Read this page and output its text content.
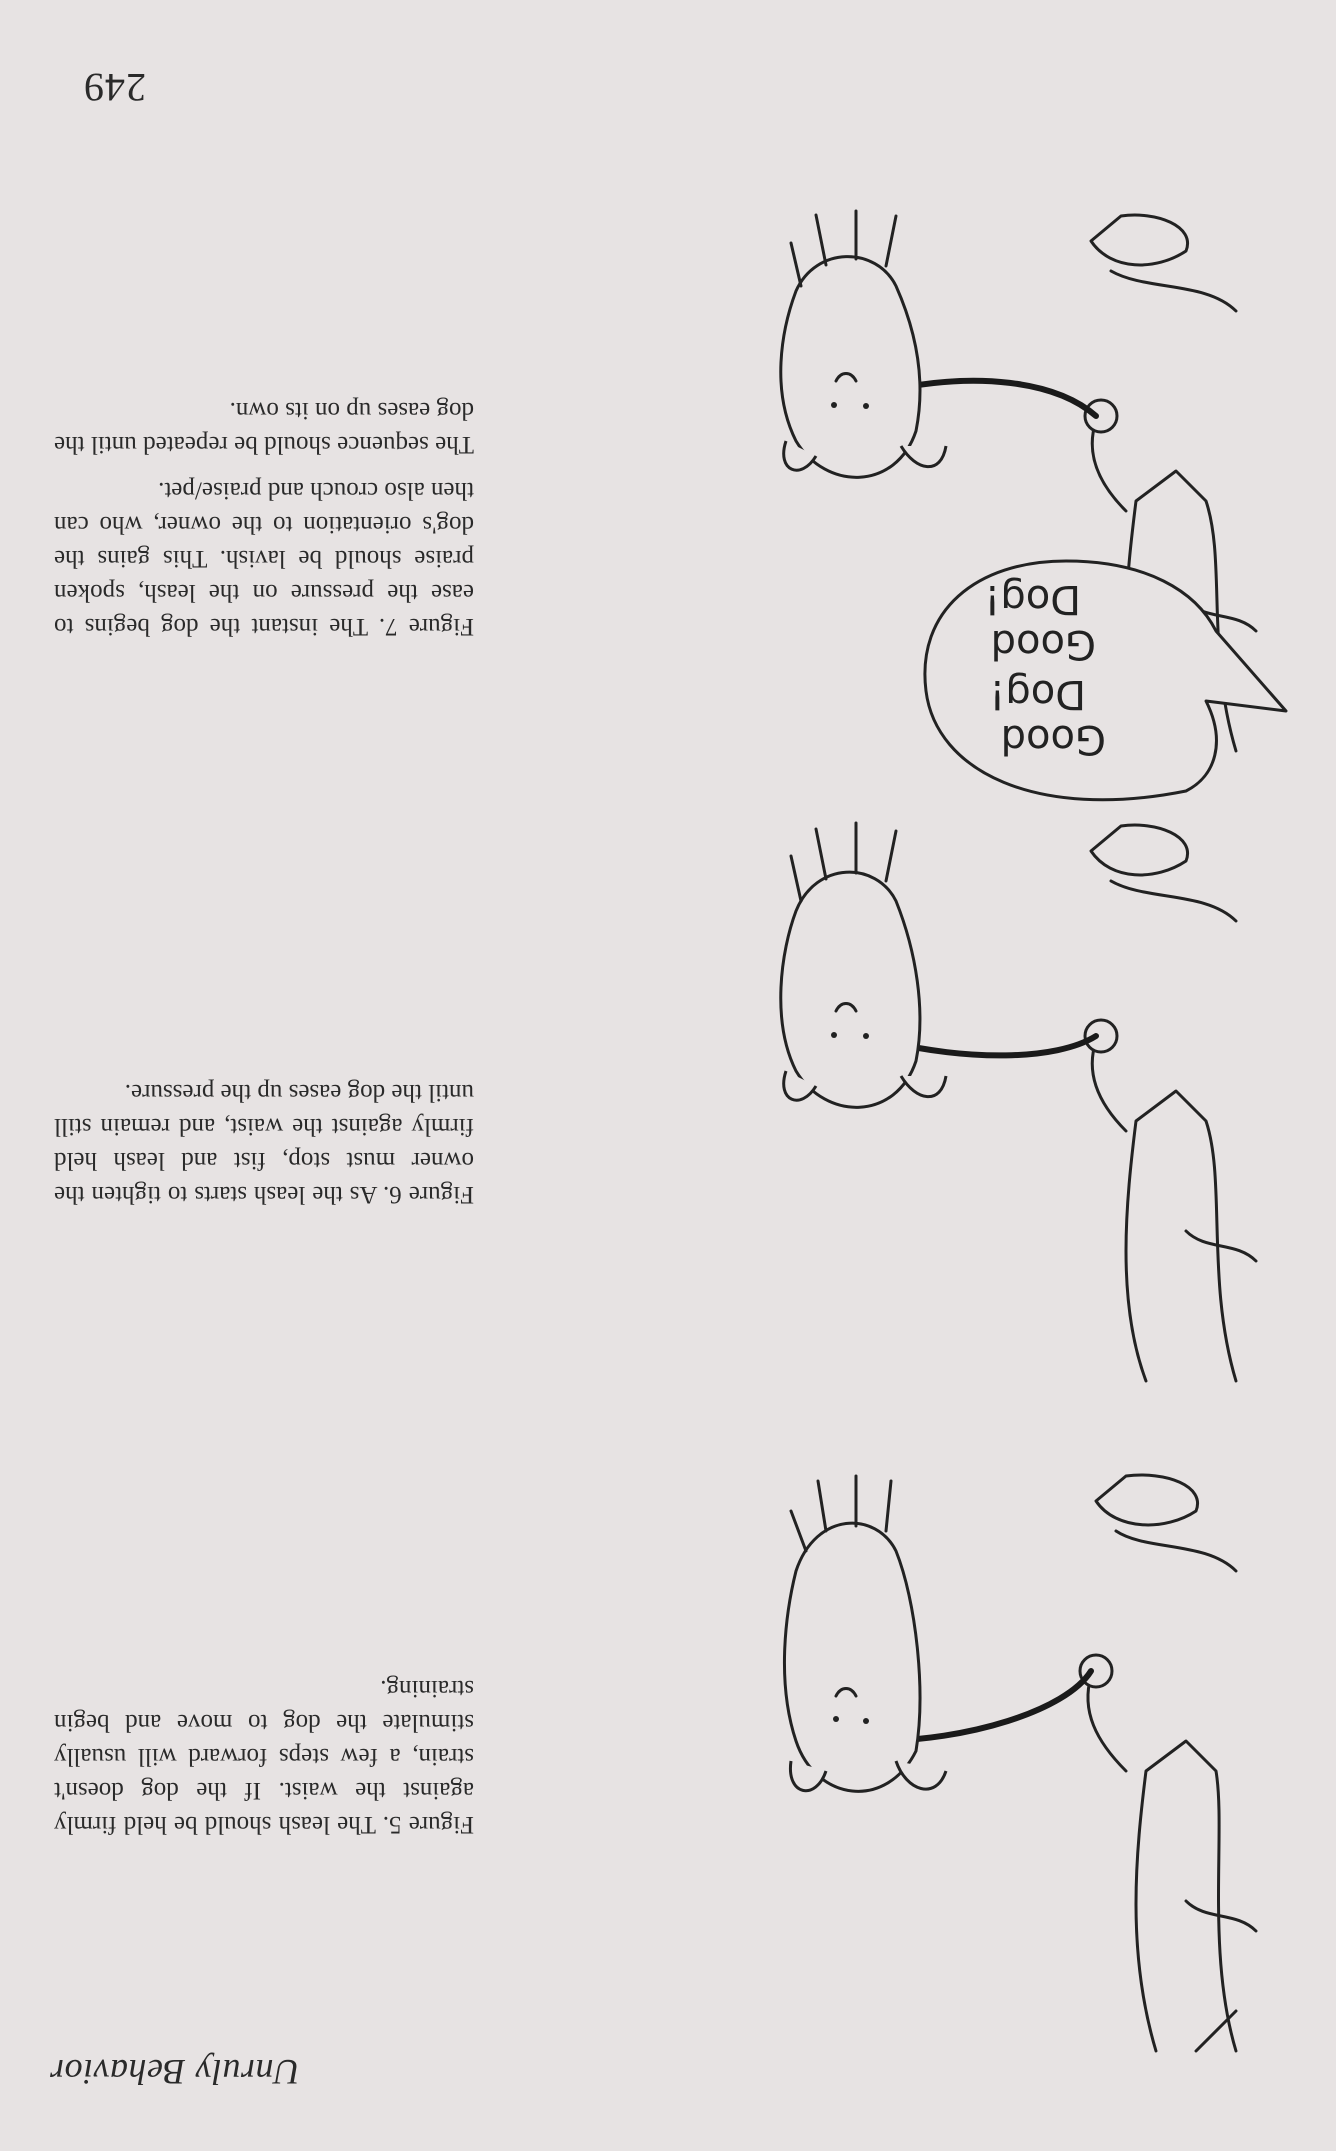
Unruly Behavior

Figure 5. The leash should be held firmly against the waist. If the dog doesn't strain, a few steps forward will usually stimulate the dog to move and begin straining.

Figure 6. As the leash starts to tighten the owner must stop, fist and leash held firmly against the waist, and remain still until the dog eases up the pressure.

Good
Dog!
Good
Dog!

Figure 7. The instant the dog begins to ease the pressure on the leash, spoken praise should be lavish. This gains the dog's orientation to the owner, who can then also crouch and praise/pet.

The sequence should be repeated until the dog eases up on its own.

249
